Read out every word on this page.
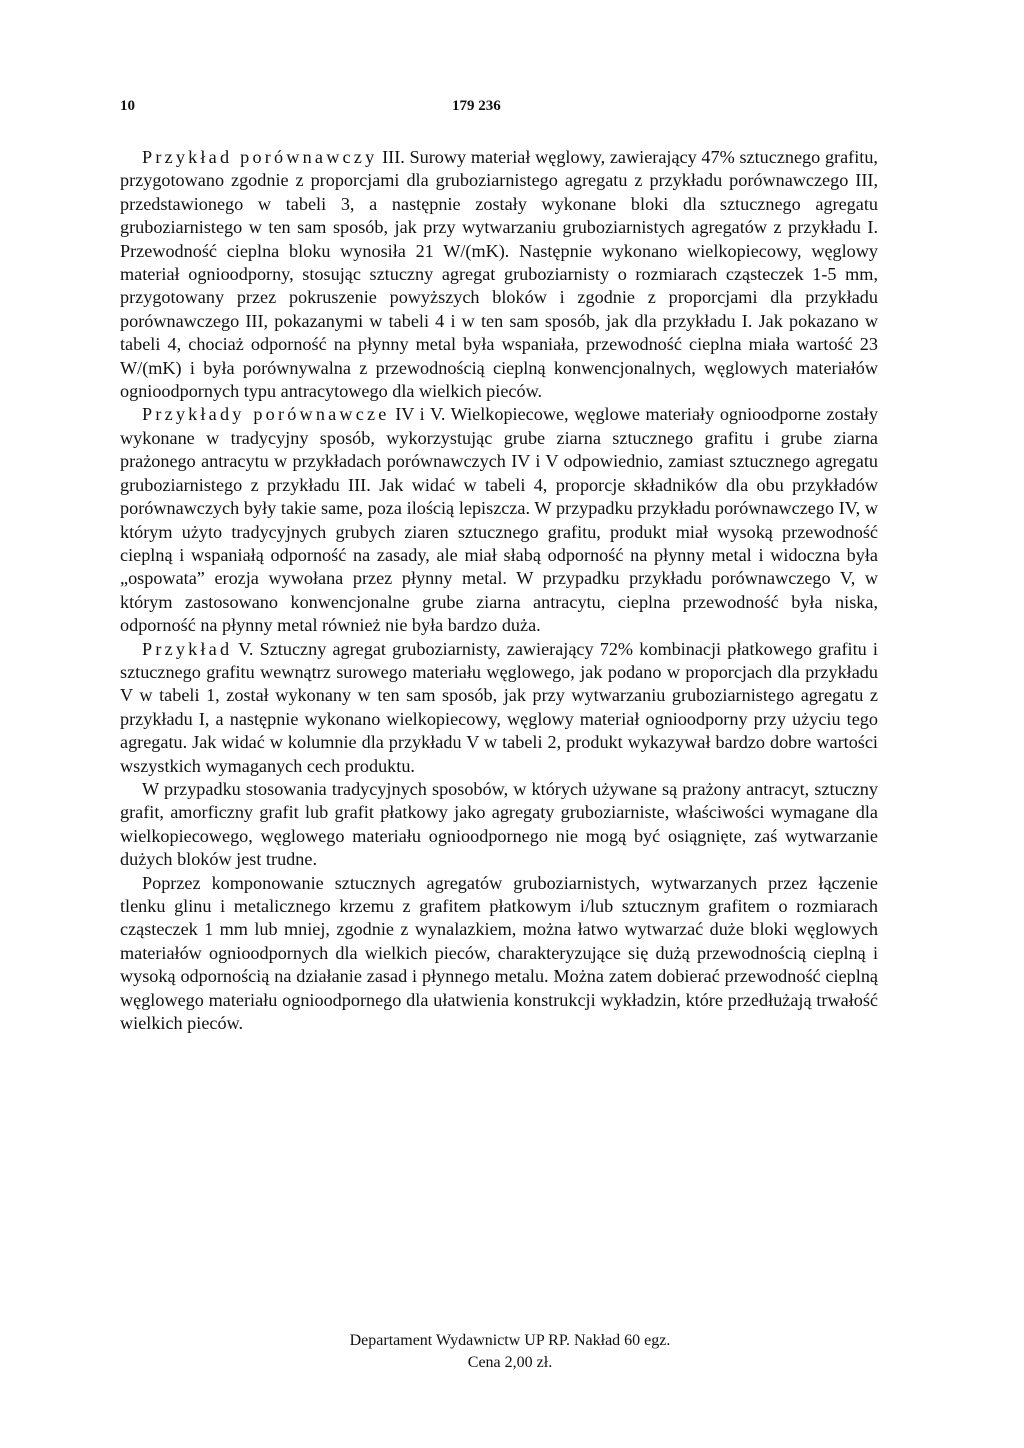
10	179 236

Przykład porównawczy III. Surowy materiał węglowy, zawierający 47% sztucznego grafitu, przygotowano zgodnie z proporcjami dla gruboziarnistego agregatu z przykładu porównawczego III, przedstawionego w tabeli 3, a następnie zostały wykonane bloki dla sztucznego agregatu gruboziarnistego w ten sam sposób, jak przy wytwarzaniu gruboziarnistych agregatów z przykładu I. Przewodność cieplna bloku wynosiła 21 W/(mK). Następnie wykonano wielkopiecowy, węglowy materiał ognioodporny, stosując sztuczny agregat gruboziarnisty o rozmiarach cząsteczek 1-5 mm, przygotowany przez pokruszenie powyższych bloków i zgodnie z proporcjami dla przykładu porównawczego III, pokazanymi w tabeli 4 i w ten sam sposób, jak dla przykładu I. Jak pokazano w tabeli 4, chociaż odporność na płynny metal była wspaniała, przewodność cieplna miała wartość 23 W/(mK) i była porównywalna z przewodnością cieplną konwencjonalnych, węglowych materiałów ognioodpornych typu antracytowego dla wielkich pieców.

Przykłady porównawcze IV i V. Wielkopiecowe, węglowe materiały ognioodporne zostały wykonane w tradycyjny sposób, wykorzystując grube ziarna sztucznego grafitu i grube ziarna prażonego antracytu w przykładach porównawczych IV i V odpowiednio, zamiast sztucznego agregatu gruboziarnistego z przykładu III. Jak widać w tabeli 4, proporcje składników dla obu przykładów porównawczych były takie same, poza ilością lepiszcza. W przypadku przykładu porównawczego IV, w którym użyto tradycyjnych grubych ziaren sztucznego grafitu, produkt miał wysoką przewodność cieplną i wspaniałą odporność na zasady, ale miał słabą odporność na płynny metal i widoczna była „ospowata” erozja wywołana przez płynny metal. W przypadku przykładu porównawczego V, w którym zastosowano konwencjonalne grube ziarna antracytu, cieplna przewodność była niska, odporność na płynny metal również nie była bardzo duża.

Przykład V. Sztuczny agregat gruboziarnisty, zawierający 72% kombinacji płatkowego grafitu i sztucznego grafitu wewnątrz surowego materiału węglowego, jak podano w proporcjach dla przykładu V w tabeli 1, został wykonany w ten sam sposób, jak przy wytwarzaniu gruboziarnistego agregatu z przykładu I, a następnie wykonano wielkopiecowy, węglowy materiał ognioodporny przy użyciu tego agregatu. Jak widać w kolumnie dla przykładu V w tabeli 2, produkt wykazywał bardzo dobre wartości wszystkich wymaganych cech produktu.

W przypadku stosowania tradycyjnych sposobów, w których używane są prażony antracyt, sztuczny grafit, amorficzny grafit lub grafit płatkowy jako agregaty gruboziarniste, właściwości wymagane dla wielkopiecowego, węglowego materiału ognioodpornego nie mogą być osiągnięte, zaś wytwarzanie dużych bloków jest trudne.

Poprzez komponowanie sztucznych agregatów gruboziarnistych, wytwarzanych przez łączenie tlenku glinu i metalicznego krzemu z grafitem płatkowym i/lub sztucznym grafitem o rozmiarach cząsteczek 1 mm lub mniej, zgodnie z wynalazkiem, można łatwo wytwarzać duże bloki węglowych materiałów ognioodpornych dla wielkich pieców, charakteryzujące się dużą przewodnością cieplną i wysoką odpornością na działanie zasad i płynnego metalu. Można zatem dobierać przewodność cieplną węglowego materiału ognioodpornego dla ułatwienia konstrukcji wykładzin, które przedłużają trwałość wielkich pieców.

Departament Wydawnictw UP RP. Nakład 60 egz.
Cena 2,00 zł.
